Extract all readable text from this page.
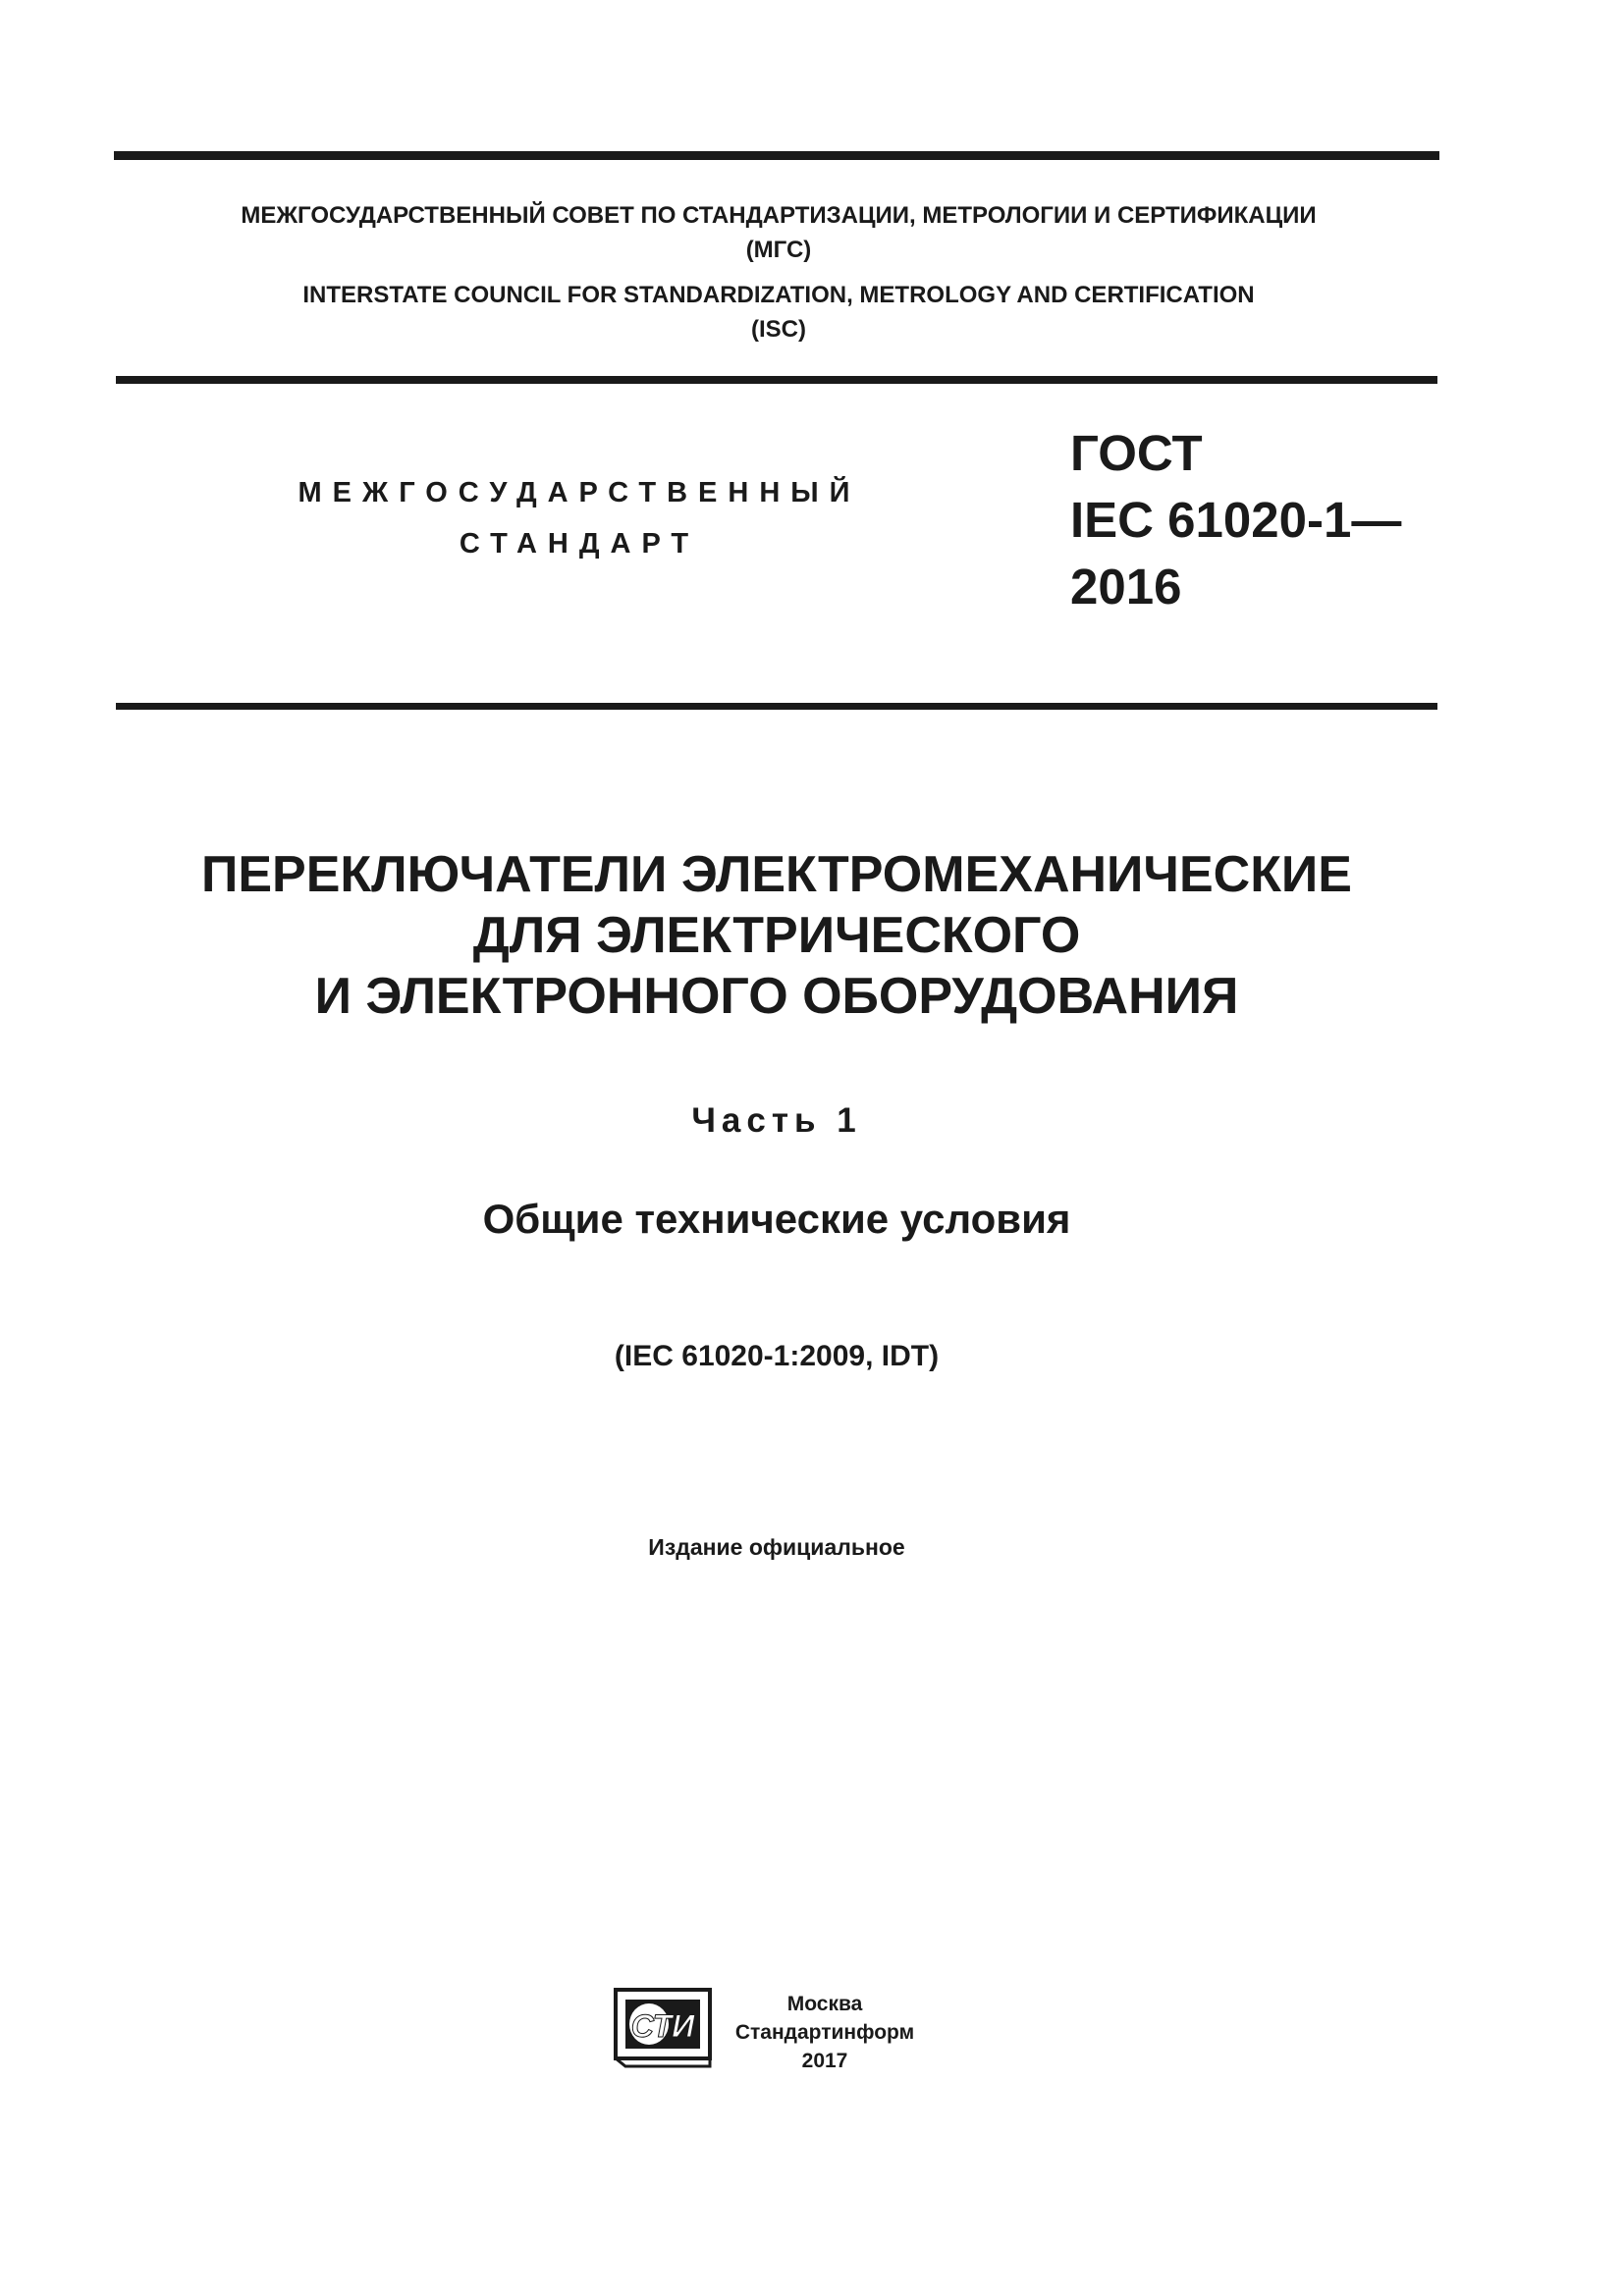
МЕЖГОСУДАРСТВЕННЫЙ СОВЕТ ПО СТАНДАРТИЗАЦИИ, МЕТРОЛОГИИ И СЕРТИФИКАЦИИ
(МГС)
INTERSTATE COUNCIL FOR STANDARDIZATION, METROLOGY AND CERTIFICATION
(ISC)
МЕЖГОСУДАРСТВЕННЫЙ
СТАНДАРТ
ГОСТ
IEC 61020-1—
2016
ПЕРЕКЛЮЧАТЕЛИ ЭЛЕКТРОМЕХАНИЧЕСКИЕ
ДЛЯ ЭЛЕКТРИЧЕСКОГО
И ЭЛЕКТРОННОГО ОБОРУДОВАНИЯ
Часть 1
Общие технические условия
(IEC 61020-1:2009, IDT)
Издание официальное
СТИ
Москва
Стандартинформ
2017
